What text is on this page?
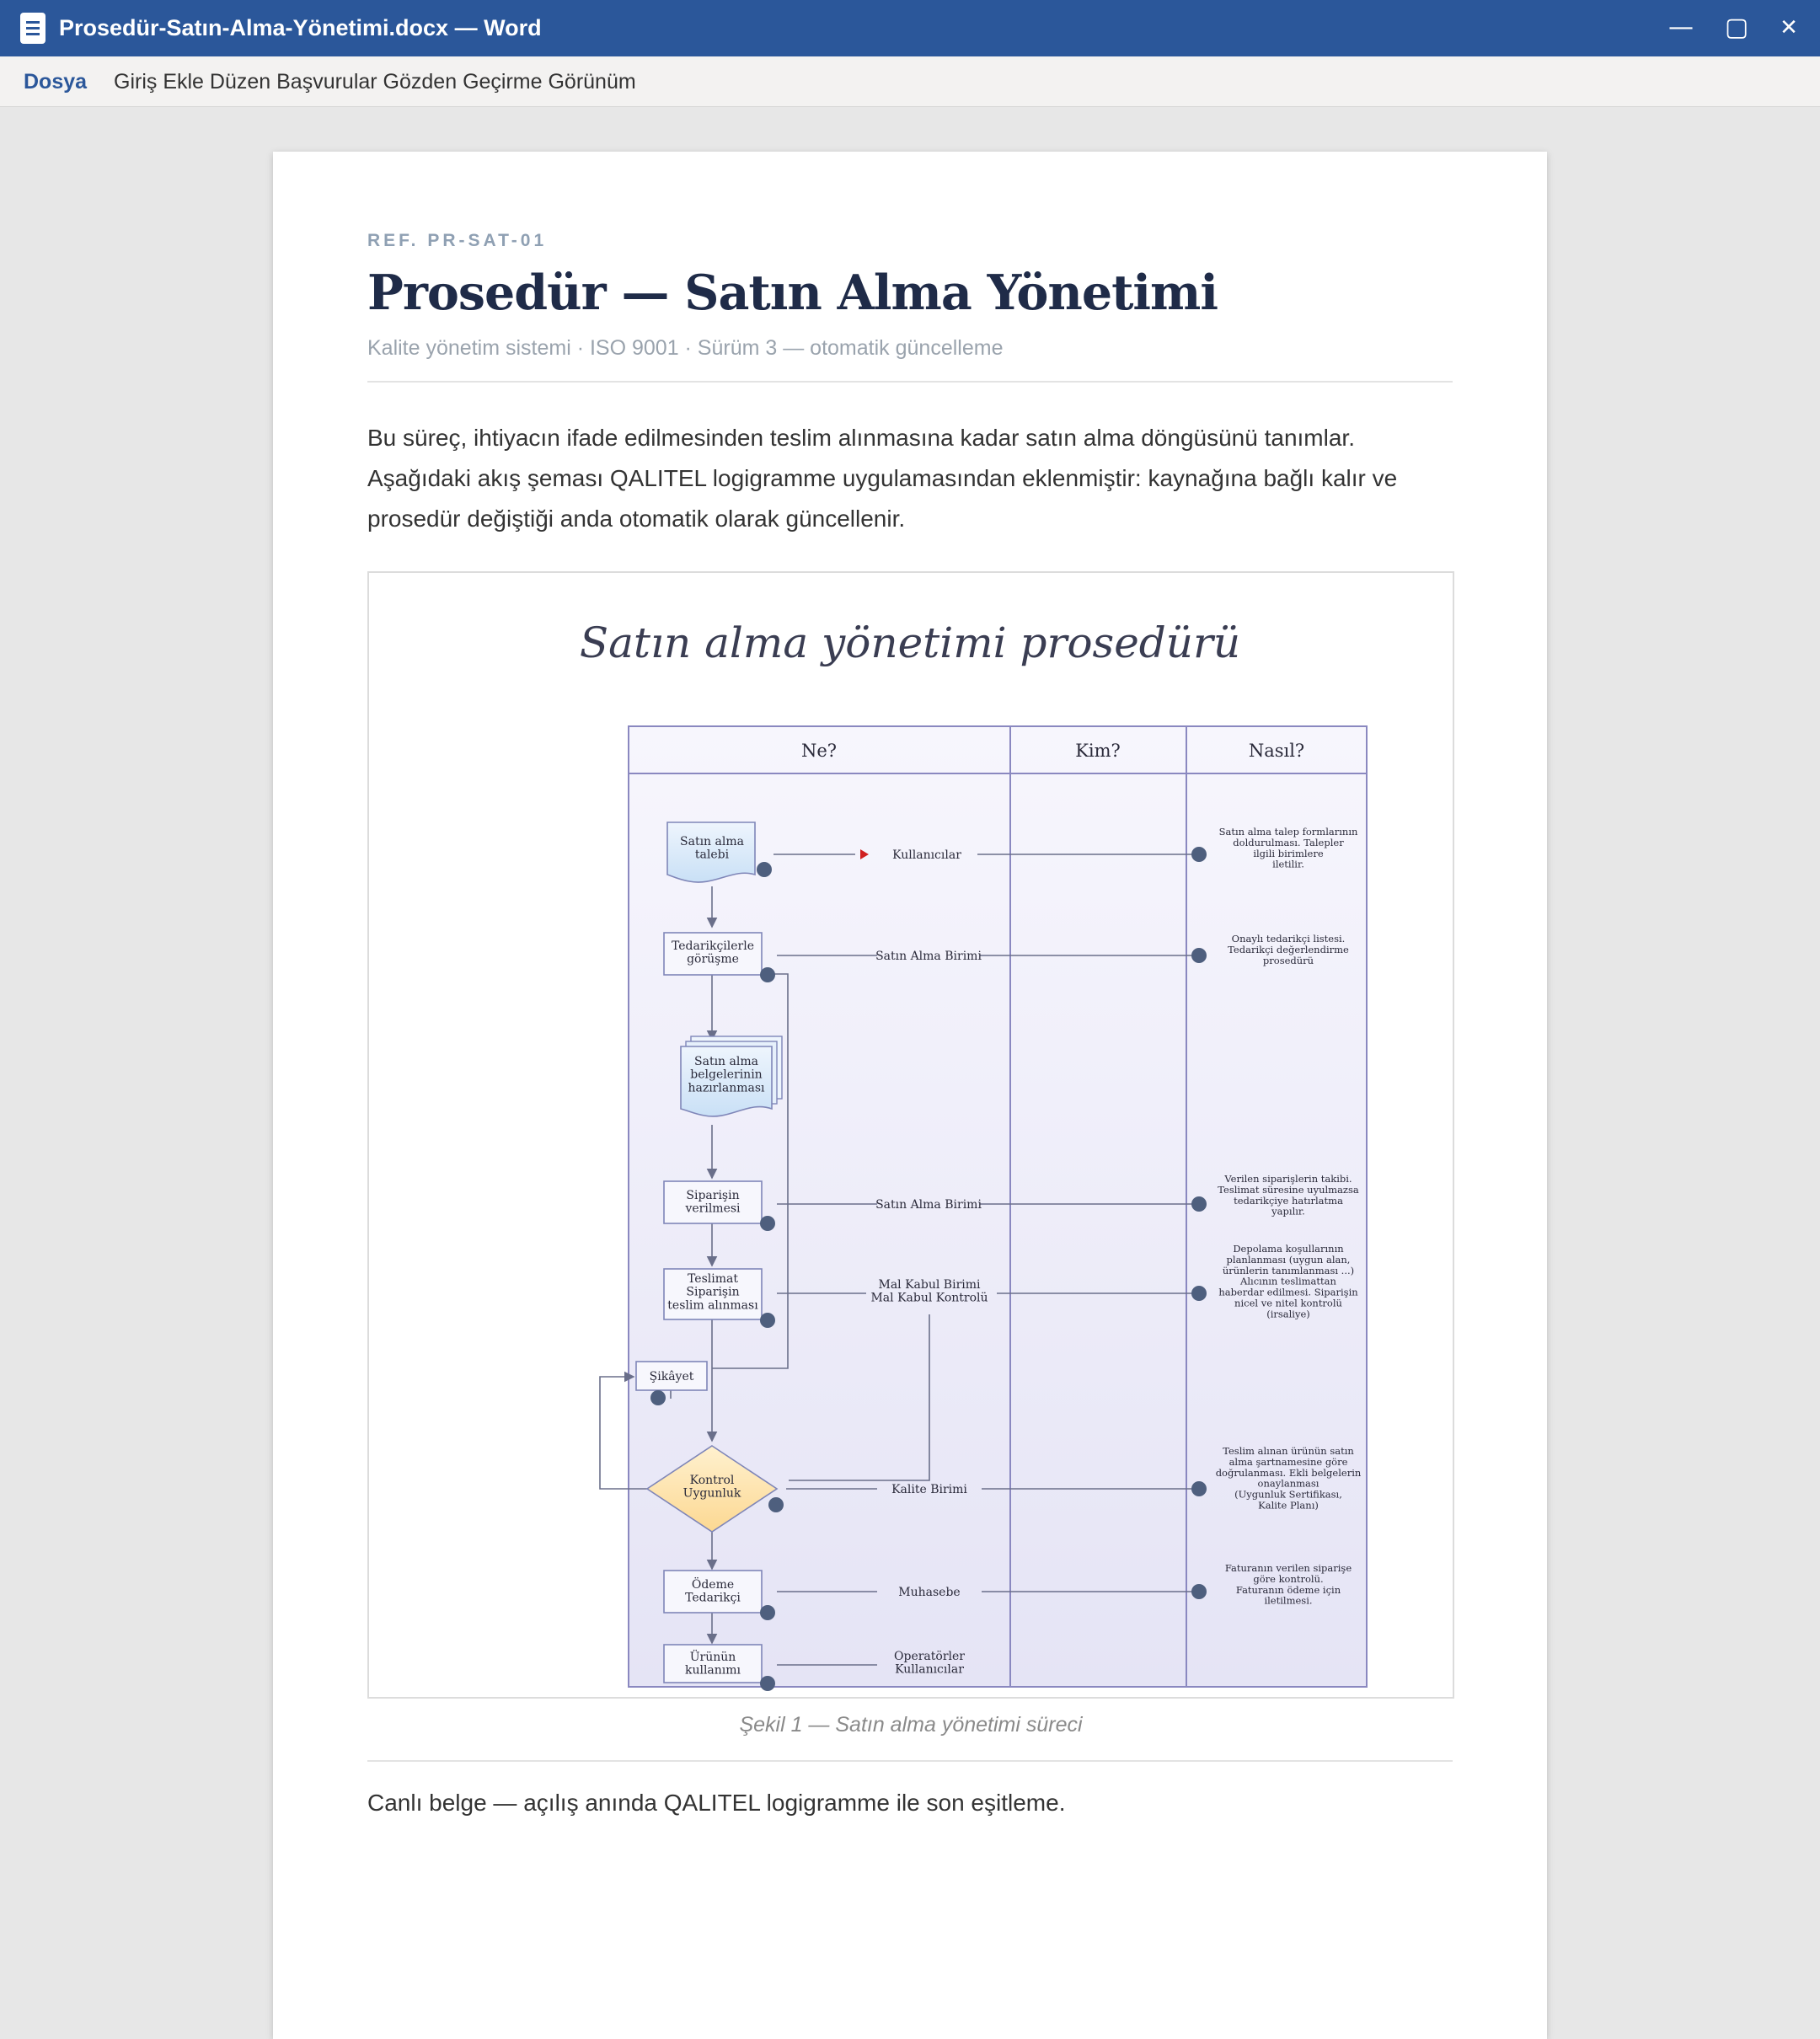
Prosedür-Satın-Alma-Yönetimi.docx — Word	—	▢	✕
Dosya Giriş Ekle Düzen Başvurular Gözden Geçirme Görünüm
REF. PR-SAT-01
Prosedür — Satın Alma Yönetimi
Kalite yönetim sistemi · ISO 9001 · Sürüm 3 — otomatik güncelleme
Bu süreç, ihtiyacın ifade edilmesinden teslim alınmasına kadar satın alma döngüsünü tanımlar. Aşağıdaki akış şeması QALITEL logigramme uygulamasından eklenmiştir: kaynağına bağlı kalır ve prosedür değiştiği anda otomatik olarak güncellenir.
Satın alma yönetimi prosedürü
Ne?	Kim?	Nasıl?
Satın alma talebi
Tedarikçilerle görüşme
Satın alma belgelerinin hazırlanması
Siparişin verilmesi
Teslimat Siparişin teslim alınması
Şikâyet
Kontrol Uygunluk
Ödeme Tedarikçi
Ürünün kullanımı
Kullanıcılar
Satın Alma Birimi
Satın Alma Birimi
Mal Kabul Birimi Mal Kabul Kontrolü
Kalite Birimi
Muhasebe
Operatörler Kullanıcılar
Satın alma talep formlarının doldurulması. Talepler ilgili birimlere iletilir.
Onaylı tedarikçi listesi. Tedarikçi değerlendirme prosedürü
Verilen siparişlerin takibi. Teslimat süresine uyulmazsa tedarikçiye hatırlatma yapılır.
Depolama koşullarının planlanması (uygun alan, ürünlerin tanımlanması ...) Alıcının teslimattan haberdar edilmesi. Siparişin nicel ve nitel kontrolü (irsaliye)
Teslim alınan ürünün satın alma şartnamesine göre doğrulanması. Ekli belgelerin onaylanması (Uygunluk Sertifikası, Kalite Planı)
Faturanın verilen siparişe göre kontrolü. Faturanın ödeme için iletilmesi.
Şekil 1 — Satın alma yönetimi süreci
Canlı belge — açılış anında QALITEL logigramme ile son eşitleme.
